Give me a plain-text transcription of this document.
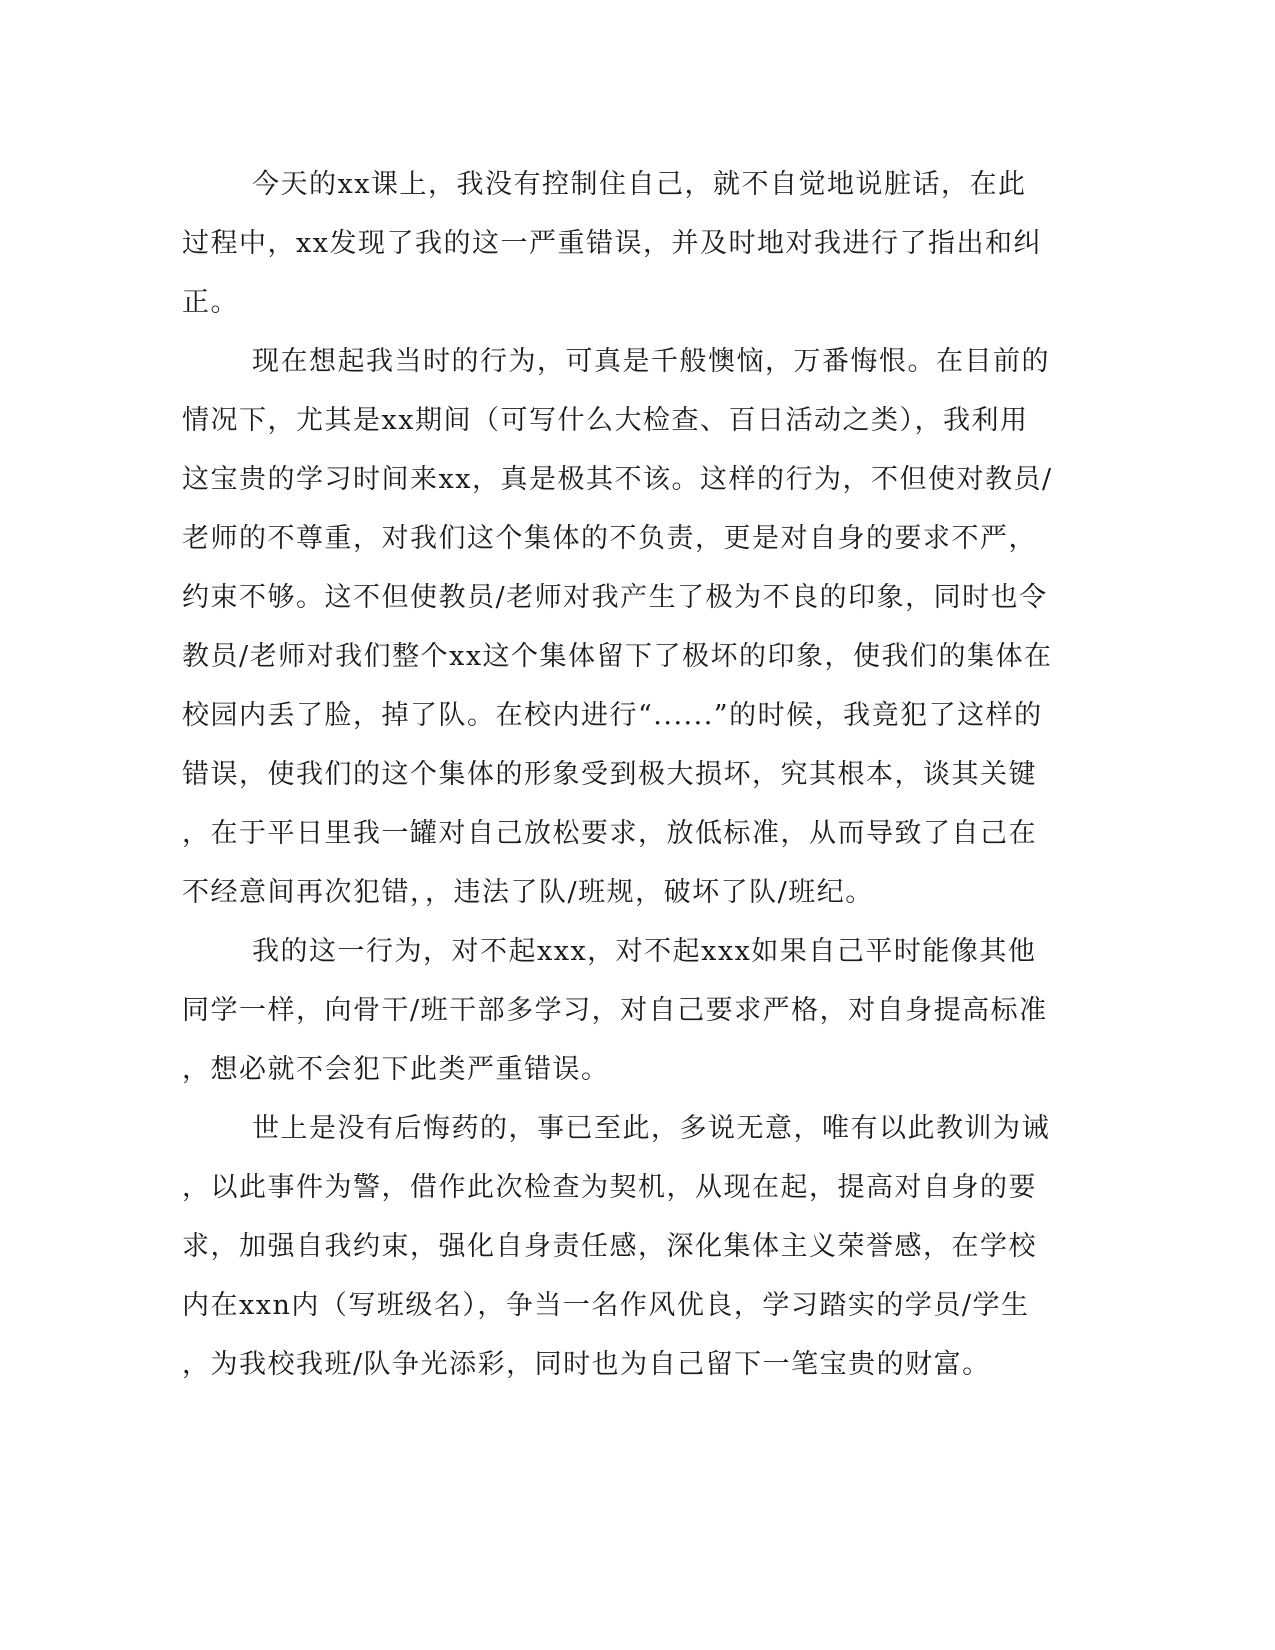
今天的xx课上，我没有控制住自己，就不自觉地说脏话，在此
过程中，xx发现了我的这一严重错误，并及时地对我进行了指出和纠
正。
现在想起我当时的行为，可真是千般懊恼，万番悔恨。在目前的
情况下，尤其是xx期间（可写什么大检查、百日活动之类），我利用
这宝贵的学习时间来xx，真是极其不该。这样的行为，不但使对教员/
老师的不尊重，对我们这个集体的不负责，更是对自身的要求不严，
约束不够。这不但使教员/老师对我产生了极为不良的印象，同时也令
教员/老师对我们整个xx这个集体留下了极坏的印象，使我们的集体在
校园内丢了脸，掉了队。在校内进行“......”的时候，我竟犯了这样的
错误，使我们的这个集体的形象受到极大损坏，究其根本，谈其关键
，在于平日里我一罐对自己放松要求，放低标准，从而导致了自己在
不经意间再次犯错，，违法了队/班规，破坏了队/班纪。
我的这一行为，对不起xxx，对不起xxx如果自己平时能像其他
同学一样，向骨干/班干部多学习，对自己要求严格，对自身提高标准
，想必就不会犯下此类严重错误。
世上是没有后悔药的，事已至此，多说无意，唯有以此教训为诫
，以此事件为警，借作此次检查为契机，从现在起，提高对自身的要
求，加强自我约束，强化自身责任感，深化集体主义荣誉感，在学校
内在xxn内（写班级名），争当一名作风优良，学习踏实的学员/学生
，为我校我班/队争光添彩，同时也为自己留下一笔宝贵的财富。
